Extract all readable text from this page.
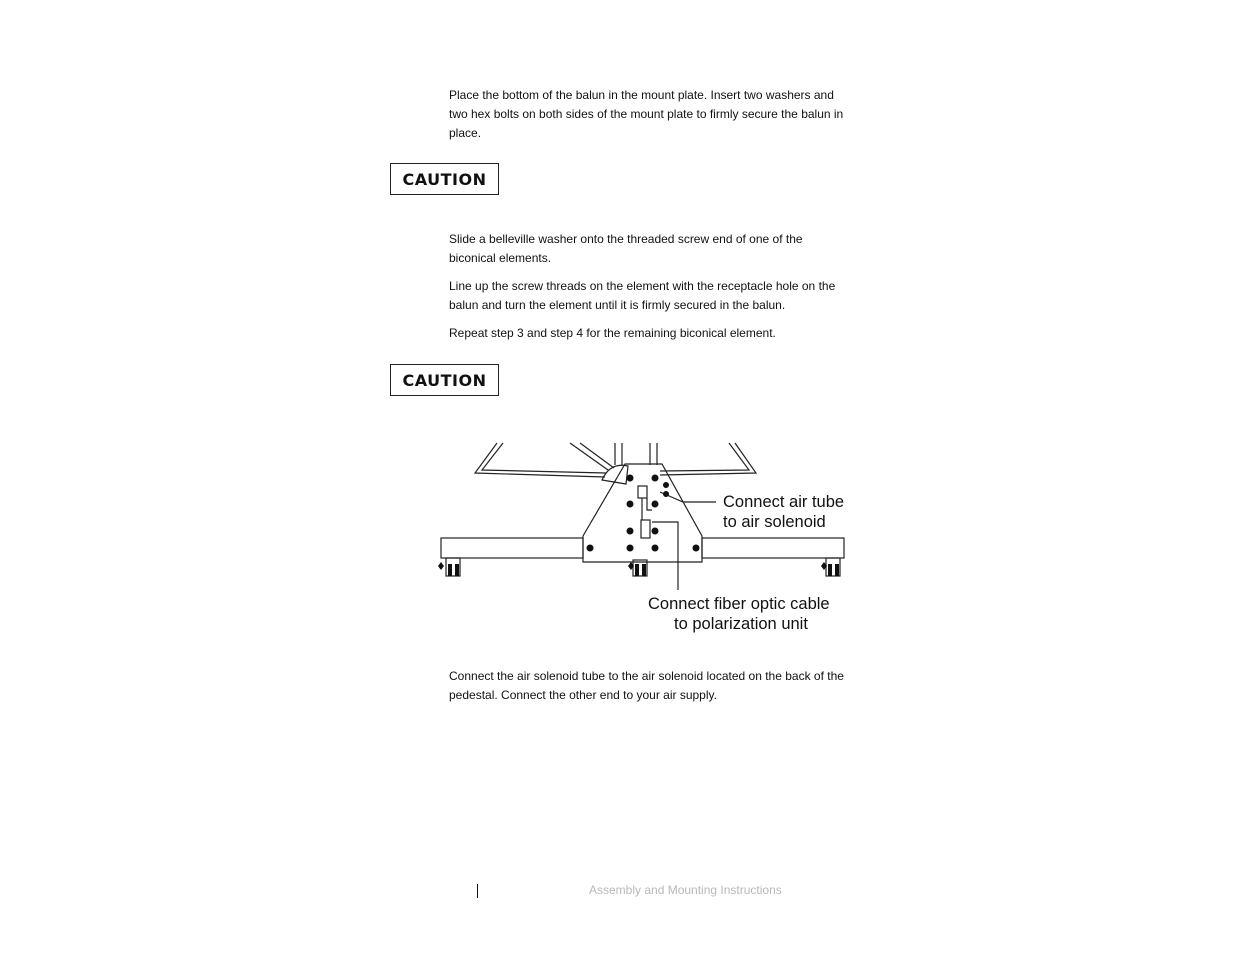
Place the bottom of the balun in the mount plate. Insert two washers and two hex bolts on both sides of the mount plate to firmly secure the balun in place.

CAUTION

Slide a belleville washer onto the threaded screw end of one of the biconical elements.

Line up the screw threads on the element with the receptacle hole on the balun and turn the element until it is firmly secured in the balun.

Repeat step 3 and step 4 for the remaining biconical element.

CAUTION
Connect air tube
to air solenoid
Connect fiber optic cable
to polarization unit

Connect the air solenoid tube to the air solenoid located on the back of the pedestal. Connect the other end to your air supply.

Assembly and Mounting Instructions
